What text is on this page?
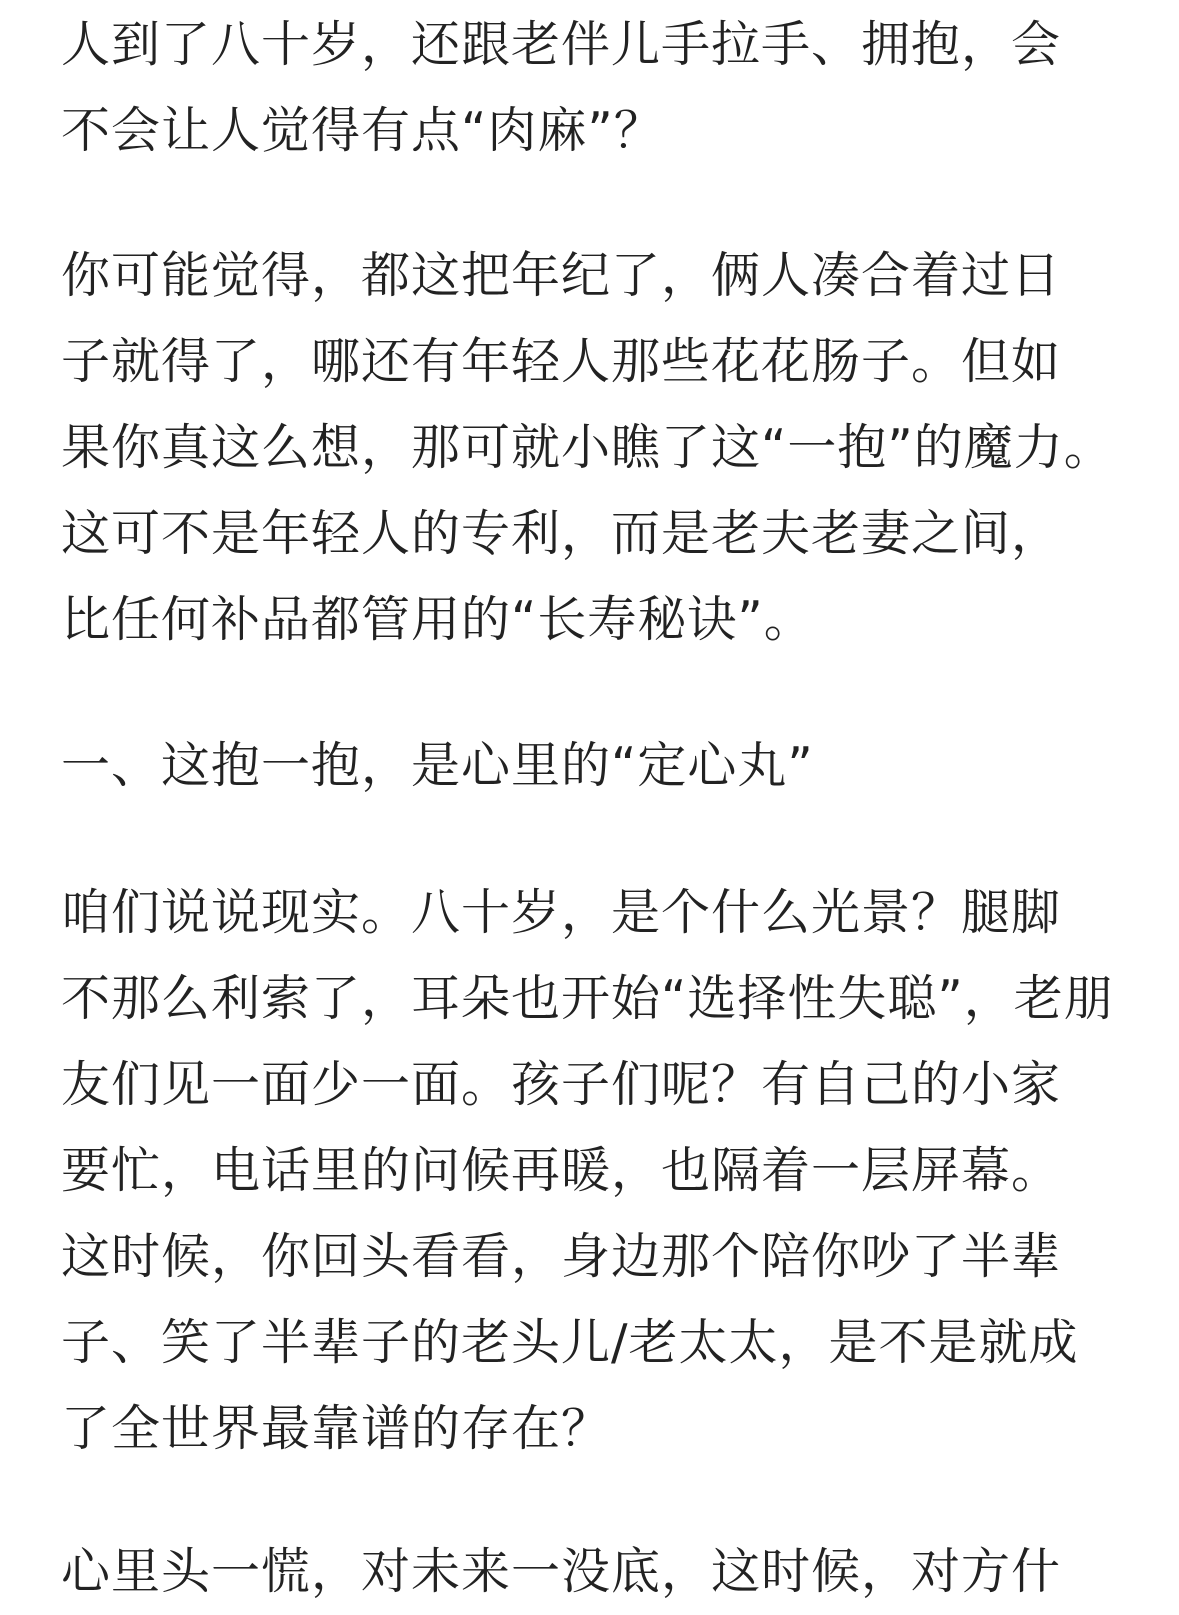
人到了八十岁，还跟老伴儿手拉手、拥抱，会
不会让人觉得有点“肉麻”？

你可能觉得，都这把年纪了，俩人凑合着过日
子就得了，哪还有年轻人那些花花肠子。但如
果你真这么想，那可就小瞧了这“一抱”的魔力。
这可不是年轻人的专利，而是老夫老妻之间，
比任何补品都管用的“长寿秘诀”。

一、这抱一抱，是心里的“定心丸”

咱们说说现实。八十岁，是个什么光景？腿脚
不那么利索了，耳朵也开始“选择性失聪”，老朋
友们见一面少一面。孩子们呢？有自己的小家
要忙，电话里的问候再暖，也隔着一层屏幕。
这时候，你回头看看，身边那个陪你吵了半辈
子、笑了半辈子的老头儿/老太太，是不是就成
了全世界最靠谱的存在？

心里头一慌，对未来一没底，这时候，对方什
